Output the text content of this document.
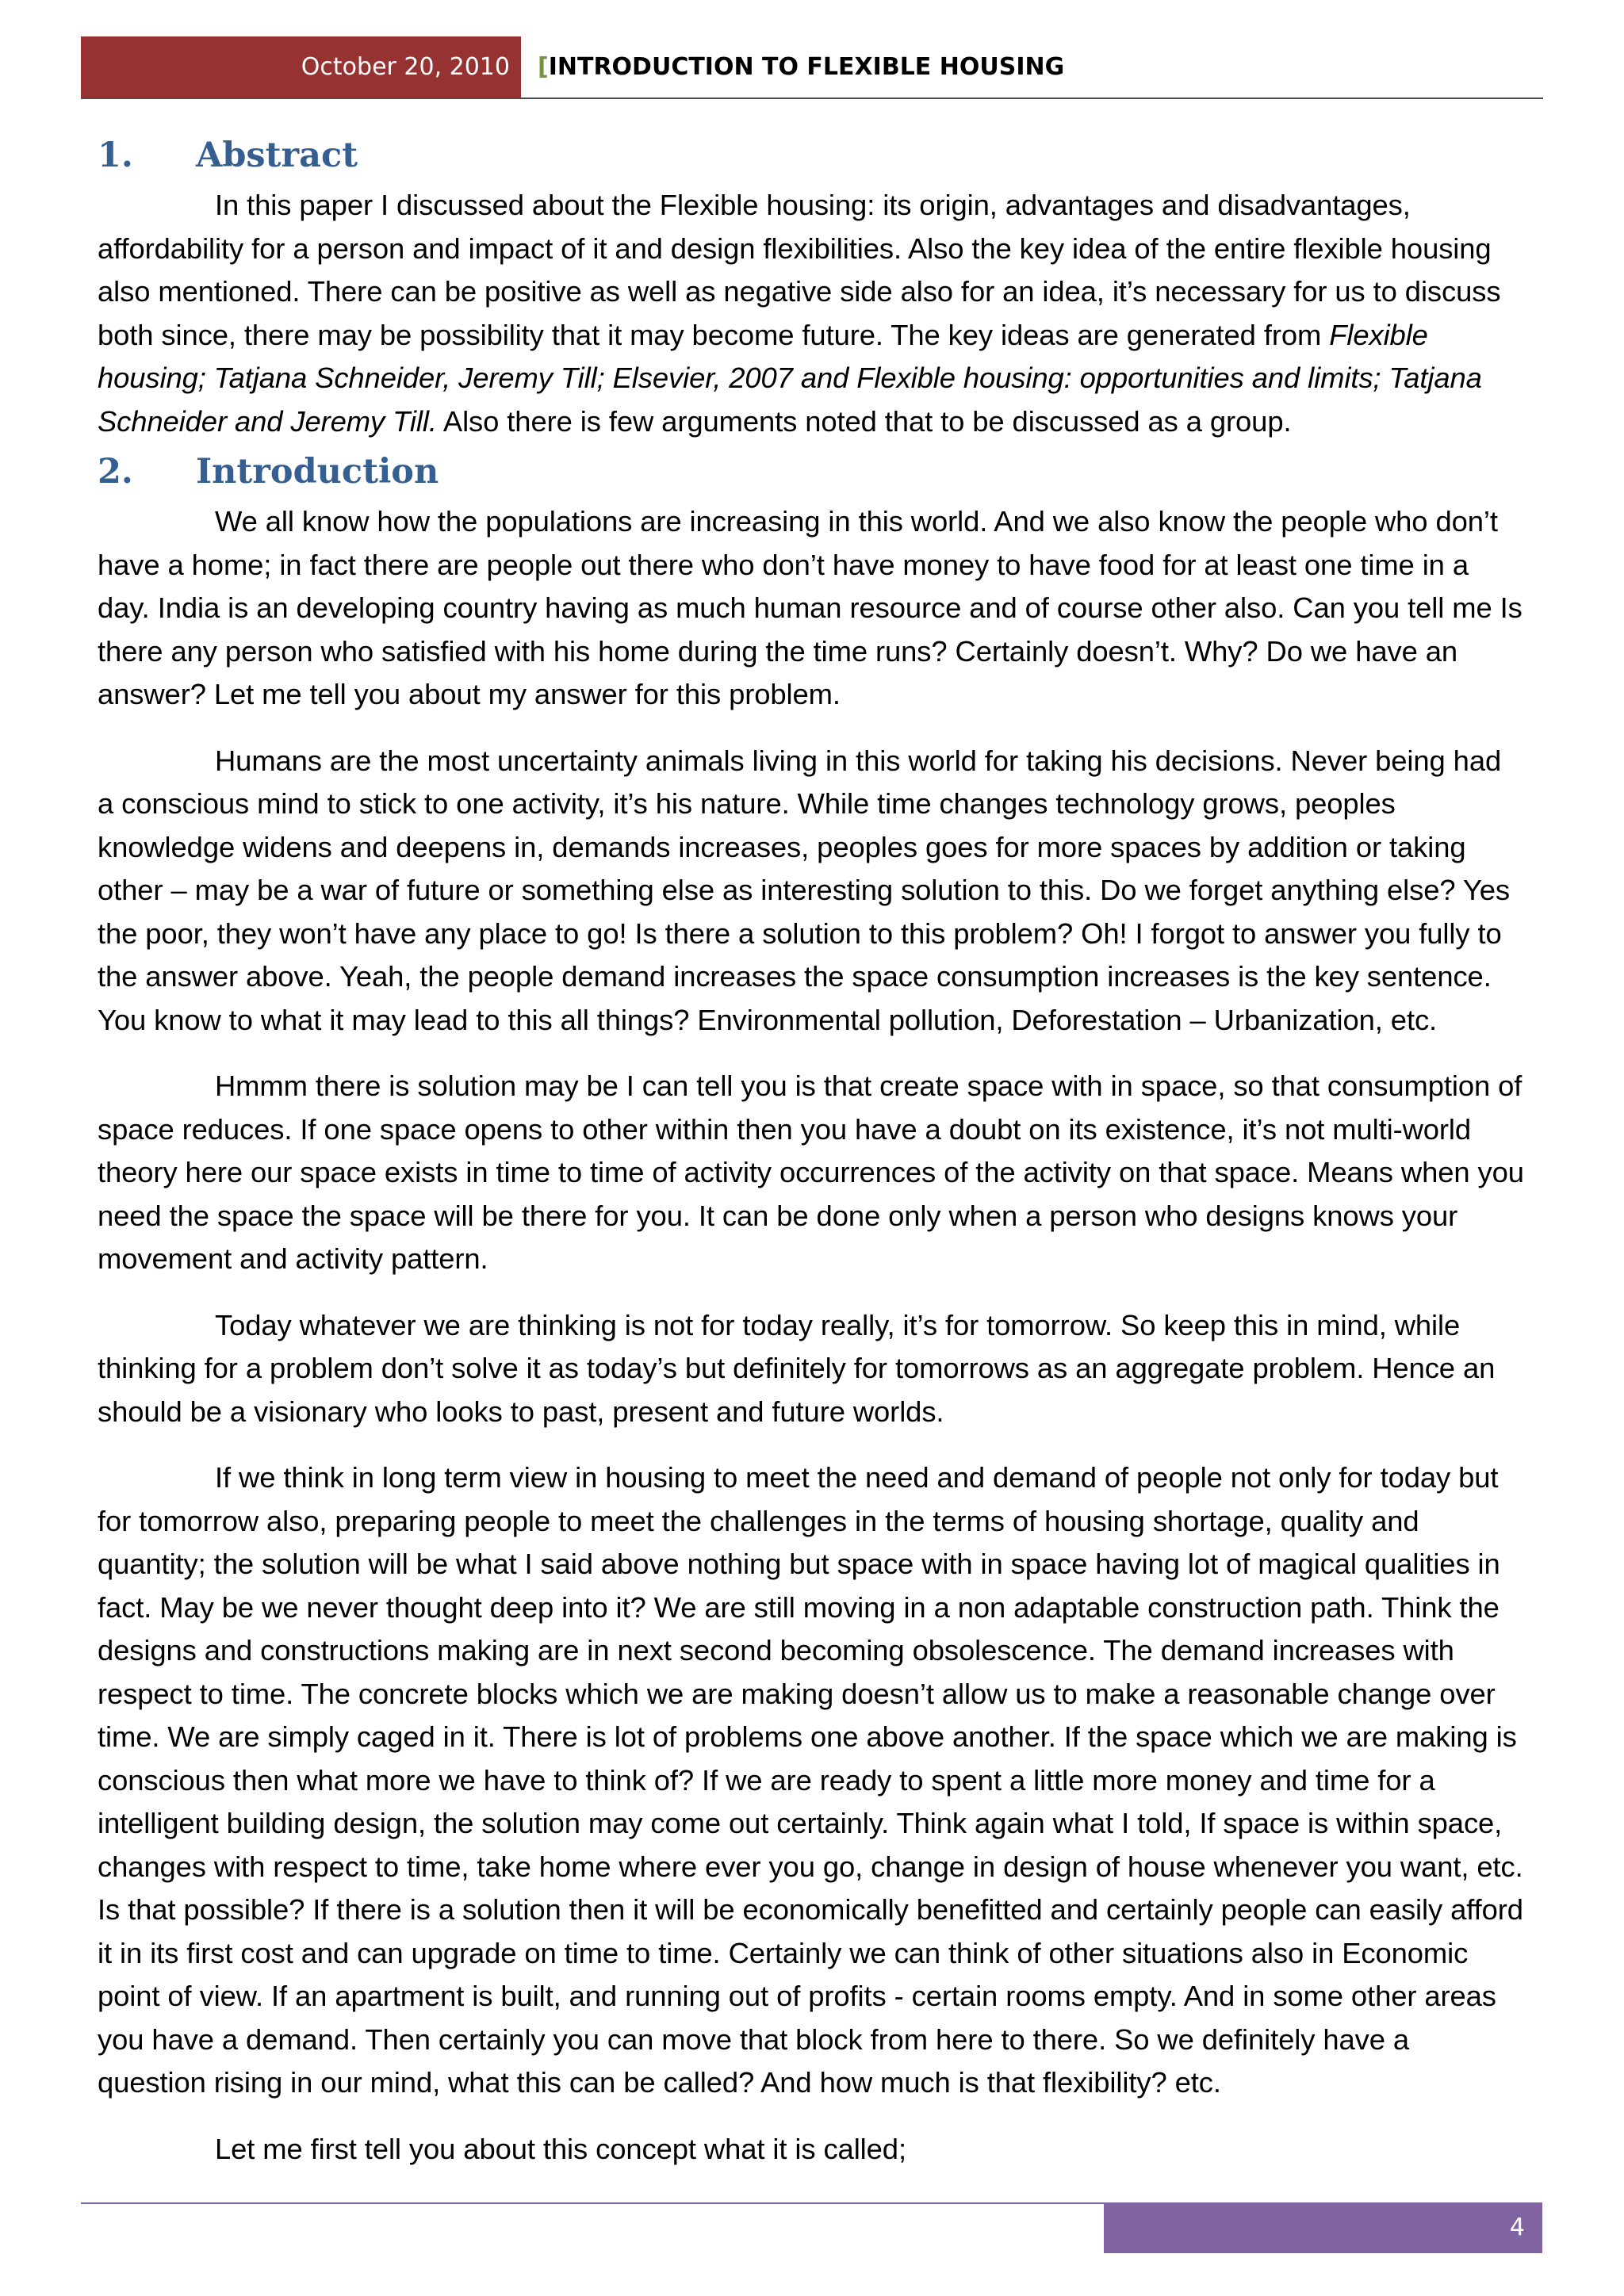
October 20, 2010	[INTRODUCTION TO FLEXIBLE HOUSING
1. Abstract

In this paper I discussed about the Flexible housing: its origin, advantages and disadvantages, affordability for a person and impact of it and design flexibilities. Also the key idea of the entire flexible housing also mentioned. There can be positive as well as negative side also for an idea, it’s necessary for us to discuss both since, there may be possibility that it may become future. The key ideas are generated from Flexible housing; Tatjana Schneider, Jeremy Till; Elsevier, 2007 and Flexible housing: opportunities and limits; Tatjana Schneider and Jeremy Till. Also there is few arguments noted that to be discussed as a group.

2. Introduction

We all know how the populations are increasing in this world. And we also know the people who don’t have a home; in fact there are people out there who don’t have money to have food for at least one time in a day. India is an developing country having as much human resource and of course other also. Can you tell me Is there any person who satisfied with his home during the time runs? Certainly doesn’t. Why? Do we have an answer? Let me tell you about my answer for this problem.

Humans are the most uncertainty animals living in this world for taking his decisions. Never being had a conscious mind to stick to one activity, it’s his nature. While time changes technology grows, peoples knowledge widens and deepens in, demands increases, peoples goes for more spaces by addition or taking other – may be a war of future or something else as interesting solution to this. Do we forget anything else? Yes the poor, they won’t have any place to go! Is there a solution to this problem? Oh! I forgot to answer you fully to the answer above. Yeah, the people demand increases the space consumption increases is the key sentence. You know to what it may lead to this all things? Environmental pollution, Deforestation – Urbanization, etc.

Hmmm there is solution may be I can tell you is that create space with in space, so that consumption of space reduces. If one space opens to other within then you have a doubt on its existence, it’s not multi-world theory here our space exists in time to time of activity occurrences of the activity on that space. Means when you need the space the space will be there for you. It can be done only when a person who designs knows your movement and activity pattern.

Today whatever we are thinking is not for today really, it’s for tomorrow. So keep this in mind, while thinking for a problem don’t solve it as today’s but definitely for tomorrows as an aggregate problem. Hence an should be a visionary who looks to past, present and future worlds.

If we think in long term view in housing to meet the need and demand of people not only for today but for tomorrow also, preparing people to meet the challenges in the terms of housing shortage, quality and quantity; the solution will be what I said above nothing but space with in space having lot of magical qualities in fact. May be we never thought deep into it? We are still moving in a non adaptable construction path. Think the designs and constructions making are in next second becoming obsolescence. The demand increases with respect to time. The concrete blocks which we are making doesn’t allow us to make a reasonable change over time. We are simply caged in it. There is lot of problems one above another. If the space which we are making is conscious then what more we have to think of? If we are ready to spent a little more money and time for a intelligent building design, the solution may come out certainly. Think again what I told, If space is within space, changes with respect to time, take home where ever you go, change in design of house whenever you want, etc. Is that possible? If there is a solution then it will be economically benefitted and certainly people can easily afford it in its first cost and can upgrade on time to time. Certainly we can think of other situations also in Economic point of view. If an apartment is built, and running out of profits - certain rooms empty. And in some other areas you have a demand. Then certainly you can move that block from here to there. So we definitely have a question rising in our mind, what this can be called? And how much is that flexibility? etc.

Let me first tell you about this concept what it is called;

4
